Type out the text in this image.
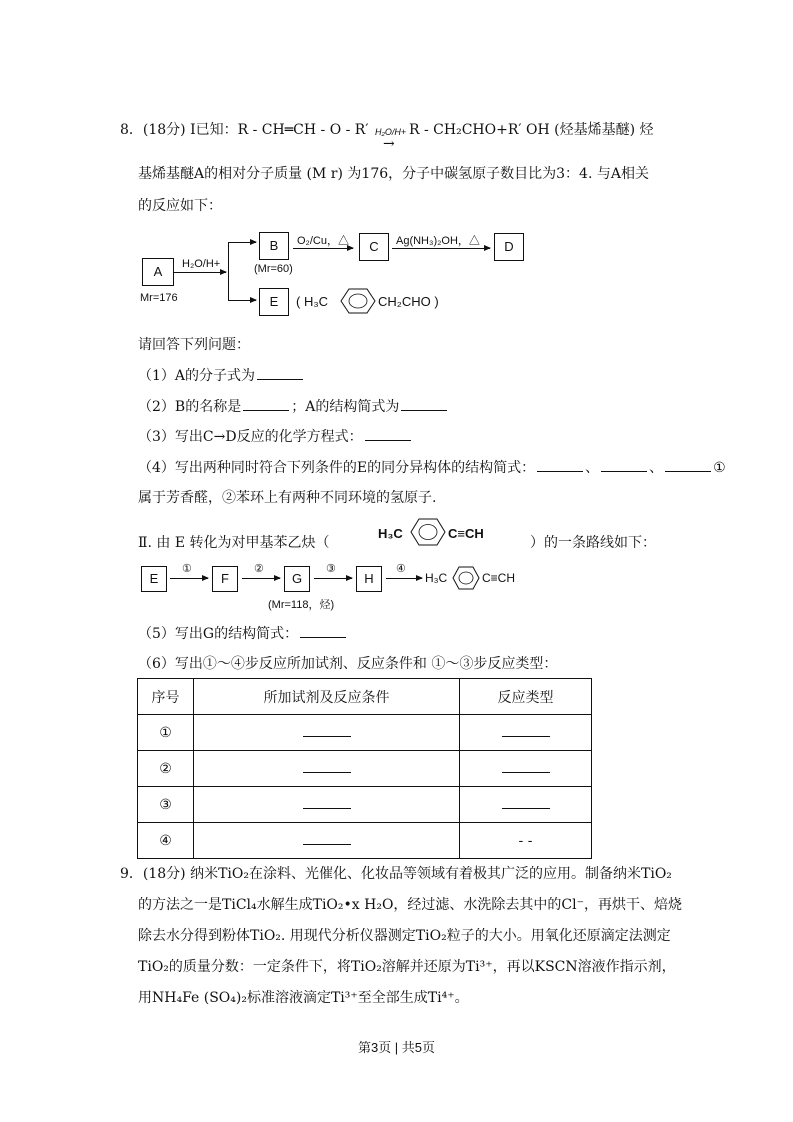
8．(18分) Ⅰ已知：R - CH═CH - O - R′ H₂O/H+
→
R - CH₂CHO+R′ OH (烃基烯基醚) 烃
基烯基醚A的相对分子质量 (M r) 为176，分子中碳氢原子数目比为3：4. 与A相关
的反应如下：
A
Mr=176
H₂O/H+
B
(Mr=60)
O₂/Cu，△	C	Ag(NH₃)₂OH，△	D
E	( H₃C	CH₂CHO )
请回答下列问题：
（1）A的分子式为
（2）B的名称是	；A的结构简式为
（3）写出C→D反应的化学方程式：
（4）写出两种同时符合下列条件的E的同分异构体的结构简式：	、	、	①
属于芳香醛，②苯环上有两种不同环境的氢原子.
Ⅱ. 由 E 转化为对甲基苯乙炔（
H₃C	C≡CH
）的一条路线如下：
E
①
F
②
G
(Mr=118，烃)
③
H
④
H₃C	C≡CH
（5）写出G的结构简式：
（6）写出①～④步反应所加试剂、反应条件和 ①～③步反应类型：
序号	所加试剂及反应条件	反应类型
①		
②		
③		
④		- -
9．(18分) 纳米TiO₂在涂料、光催化、化妆品等领域有着极其广泛的应用。制备纳米TiO₂
的方法之一是TiCl₄水解生成TiO₂•x H₂O，经过滤、水洗除去其中的Cl⁻，再烘干、焙烧
除去水分得到粉体TiO₂. 用现代分析仪器测定TiO₂粒子的大小。用氧化还原滴定法测定
TiO₂的质量分数：一定条件下，将TiO₂溶解并还原为Ti³⁺，再以KSCN溶液作指示剂，
用NH₄Fe (SO₄)₂标准溶液滴定Ti³⁺至全部生成Ti⁴⁺。
第3页 | 共5页
